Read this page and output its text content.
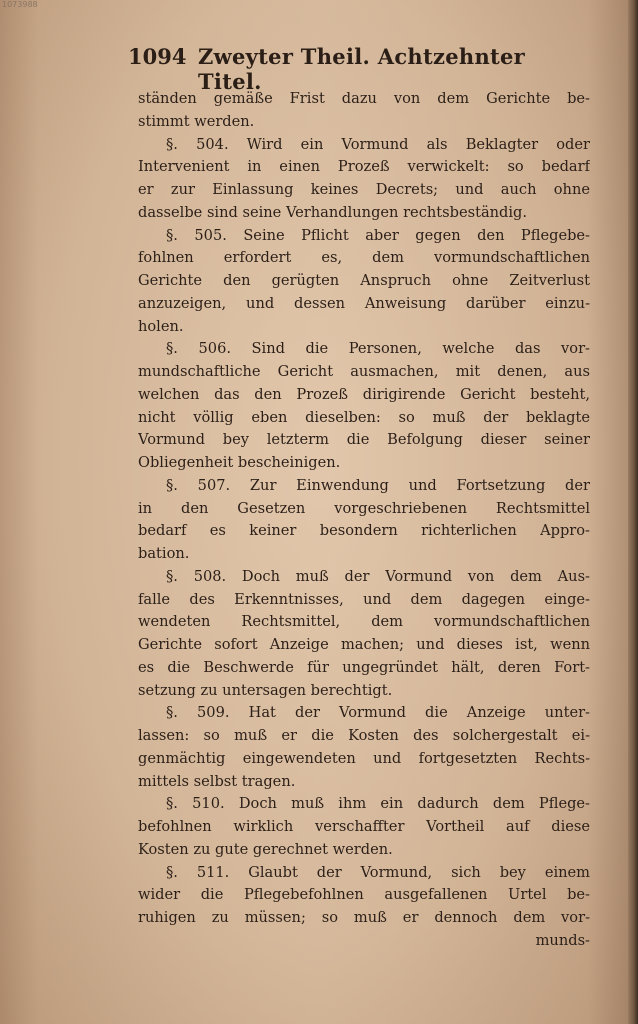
1073988
1094 Zweyter Theil. Achtzehnter Titel.
ständen gemäße Frist dazu von dem Gerichte be-
stimmt werden.
§. 504. Wird ein Vormund als Beklagter oder
Intervenient in einen Prozeß verwickelt: so bedarf
er zur Einlassung keines Decrets; und auch ohne
dasselbe sind seine Verhandlungen rechtsbeständig.
§. 505. Seine Pflicht aber gegen den Pflegebe-
fohlnen erfordert es, dem vormundschaftlichen
Gerichte den gerügten Anspruch ohne Zeitverlust
anzuzeigen, und dessen Anweisung darüber einzu-
holen.
§. 506. Sind die Personen, welche das vor-
mundschaftliche Gericht ausmachen, mit denen, aus
welchen das den Prozeß dirigirende Gericht besteht,
nicht völlig eben dieselben: so muß der beklagte
Vormund bey letzterm die Befolgung dieser seiner
Obliegenheit bescheinigen.
§. 507. Zur Einwendung und Fortsetzung der
in den Gesetzen vorgeschriebenen Rechtsmittel
bedarf es keiner besondern richterlichen Appro-
bation.
§. 508. Doch muß der Vormund von dem Aus-
falle des Erkenntnisses, und dem dagegen einge-
wendeten Rechtsmittel, dem vormundschaftlichen
Gerichte sofort Anzeige machen; und dieses ist, wenn
es die Beschwerde für ungegründet hält, deren Fort-
setzung zu untersagen berechtigt.
§. 509. Hat der Vormund die Anzeige unter-
lassen: so muß er die Kosten des solchergestalt ei-
genmächtig eingewendeten und fortgesetzten Rechts-
mittels selbst tragen.
§. 510. Doch muß ihm ein dadurch dem Pflege-
befohlnen wirklich verschaffter Vortheil auf diese
Kosten zu gute gerechnet werden.
§. 511. Glaubt der Vormund, sich bey einem
wider die Pflegebefohlnen ausgefallenen Urtel be-
ruhigen zu müssen; so muß er dennoch dem vor-
munds-
